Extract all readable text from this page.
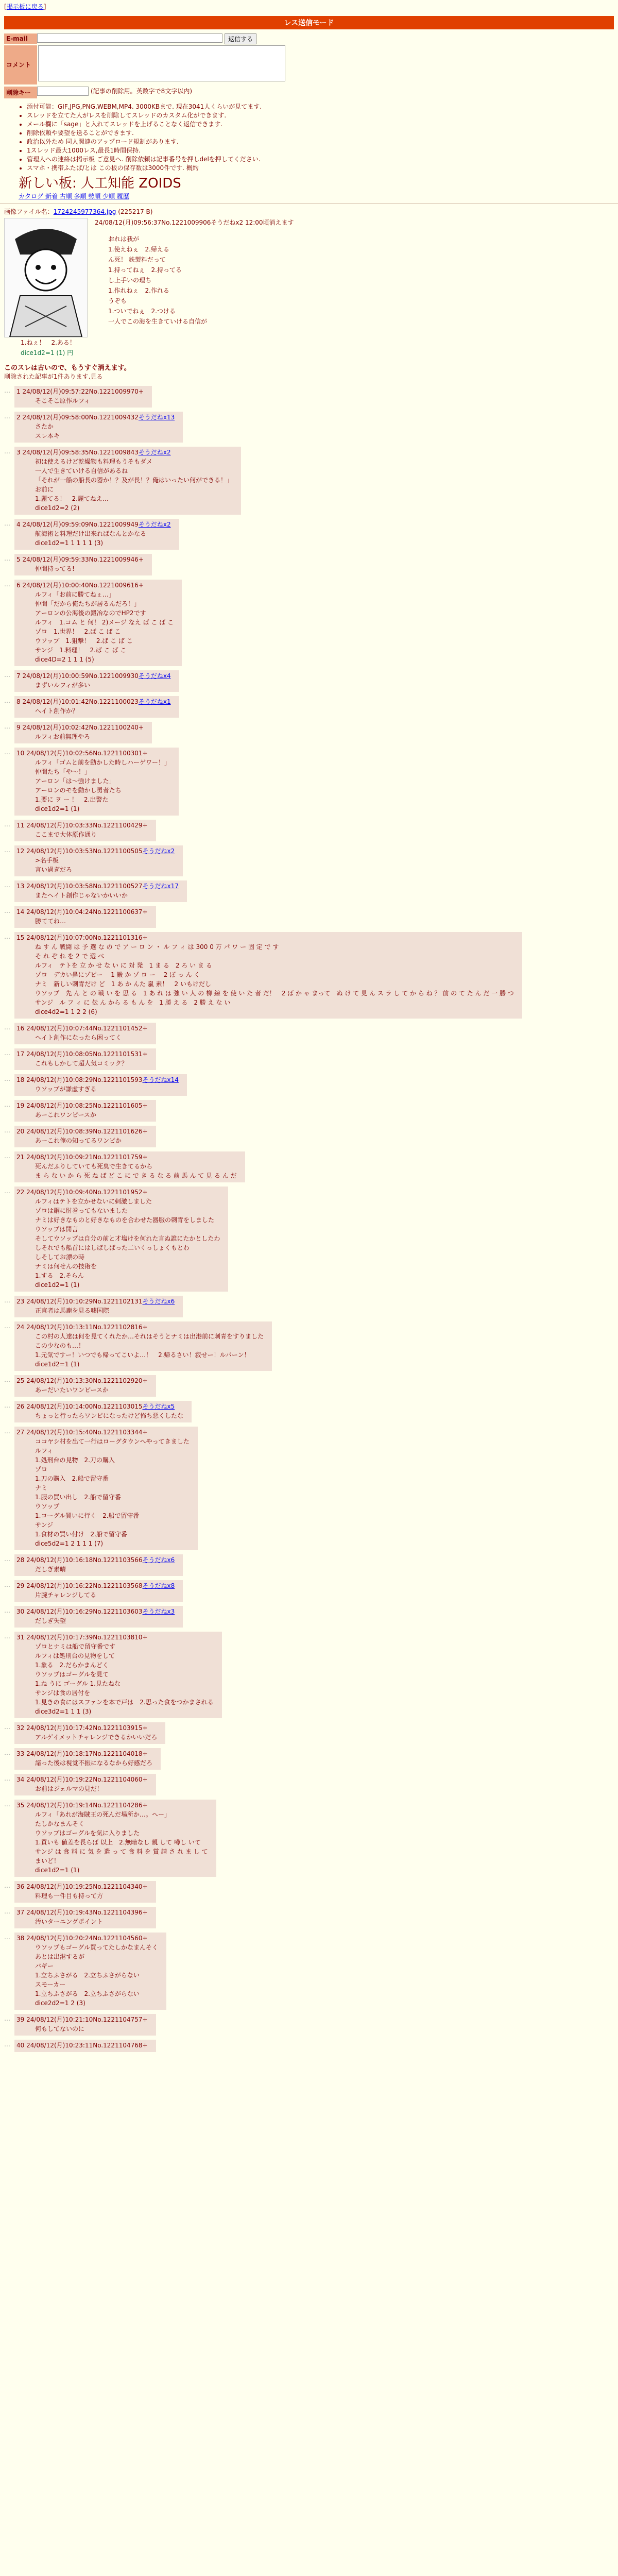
[掲示板に戻る]
レス送信モード
E-mail	返信する
コメント
削除キー	(記事の削除用。英数字で8文字以内)
• 添付可能：GIF,JPG,PNG,WEBM,MP4. 3000KBまで. 現在3041人くらいが見てます.
• スレッドを立てた人がレスを削除してスレッドのカスタム化ができます.
• メール欄に「sage」と入れてスレッドを上げることなく返信できます.
• 削除依頼や要望を送ることができます.
• 政治以外ため 同人関連のアップロード規制があります.
• 1スレッド最大1000レス,最長1時間保持.
• 管理人への連絡は掲示板 ご意見へ. 削除依頼は記事番号を押しdelを押してください.
• スマホ・携帯ふたば/とは この板の保存数は3000件です. 概約
新しい板: 人工知能 ZOIDS
カタログ 新着 古順 多順 勢順 少順 履歴
画像ファイル名：1724245977364.jpg (225217 B)
24/08/12(月)09:56:37No.1221009906そうだねx2 12:00頃消えます
おれは我が
1.使えねぇ　2.帰える
ん死！ 鉄製料だって
1.持ってねぇ　2.持ってる
し上手いの理ち
1.作れねぇ　2.作れる
うぞも
1.ついでねぇ　2.つける
一人でこの海を生きていける自信が
1.ねぇ！　2.ある！
dice1d2=1 (1) 円
このスレは古いので、もうすぐ消えます。
削除された記事が1件あります.見る
…	1 24/08/12(月)09:57:22No.1221009970+
そこそこ原作ルフィ
…	2 24/08/12(月)09:58:00No.1221009432そうだねx13
さたか
スレ本キ
…	3 24/08/12(月)09:58:35No.1221009843そうだねx2
初は使えるけど乾燥物も料理もうそもダメ
一人で生きていける自信があるね
「それが一船の船長の器か！？及が長！？俺はいったい何ができる！」
お前に
1.麗てる！　2.麗てねえ…
dice1d2=2 (2)
…	4 24/08/12(月)09:59:09No.1221009949そうだねx2
航海術と料理だけ出来ればなんとかなる
dice1d2=1 1 1 1 1 (3)
…	5 24/08/12(月)09:59:33No.1221009946+
仲間持ってる!
…	6 24/08/12(月)10:00:40No.1221009616+
ルフィ「お前に勝てねぇ…」
仲間「だから俺たちが居るんだろ！」
アーロンの公海後の鍛冶なのでHP2です
ルフィ　1.コム と 何！ 2)メージ なえ ば こ ば こ
ゾロ　1.世界！　2.ば こ ば こ
ウソップ　1.狙撃！　2.ば こ ば こ
サンジ　1.料理！　2.ば こ ば こ
dice4D=2 1 1 1 (5)
…	7 24/08/12(月)10:00:59No.1221009930そうだねx4
まずいルフィが多い
…	8 24/08/12(月)10:01:42No.1221100023そうだねx1
ヘイト創作か？
…	9 24/08/12(月)10:02:42No.1221100240+
ルフィお前無理やろ
…	10 24/08/12(月)10:02:56No.1221100301+
ルフィ「ゴムと前を動かした時しハーゲワー！」
仲間たち「や〜！」
アーロン「は〜強けました」
アーロンのモを動かし勇者たち
1.要に ヲ ー ！　2.出警た
dice1d2=1 (1)
…	11 24/08/12(月)10:03:33No.1221100429+
ここまで大体原作通り
…	12 24/08/12(月)10:03:53No.1221100505そうだねx2
>名手板
言い過ぎだろ
…	13 24/08/12(月)10:03:58No.1221100527そうだねx17
またヘイト創作じゃないかいいか
…	14 24/08/12(月)10:04:24No.1221100637+
勝ててね…
…	15 24/08/12(月)10:07:00No.1221101316+
ね す ん 戦闘 は 予 選 な の で ア ー ロ ン ・ ル フ ィ は 300 0 万 パ ワ ー 固 定 で す
そ れ ぞ れ を 2 で 選 べ
ルフィ　テトを 立 か せ な い に 対 発　1 ま る　2 ろ い ま る
ゾロ　デカい鼻にゾピー　 1 鍛 か ゾ ロ ー　 2 ぼ っ ん く
ナミ　新しい刺青だけ ど　1 あ か んた 嵐 素！　2 いもけだし
ウソップ　先 ん と の 戦 い を 思 る　1 あ れ は 強 い 人 の 柳 線 を 使 い た 者 だ！　2 ば か ゃ まって　ぬ け て 見 ん ス ラ し て か ら ね ？ 前 の て た ん だ 一 勝 つ
サンジ　ル フ ィ に 伝 ん から る も ん を　1 勝 え る　2 勝 え な い
dice4d2=1 1 2 2 (6)
…	16 24/08/12(月)10:07:44No.1221101452+
ヘイト創作になったら困ってく
…	17 24/08/12(月)10:08:05No.1221101531+
これもしかして超人気コミック？
…	18 24/08/12(月)10:08:29No.1221101593そうだねx14
ウソップが謙虚すぎる
…	19 24/08/12(月)10:08:25No.1221101605+
あーこれワンピースか
…	20 24/08/12(月)10:08:39No.1221101626+
あーこれ俺の知ってるワンピか
…	21 24/08/12(月)10:09:21No.1221101759+
死んだふりしていても死臭で生きてるから
ま ら な い か ら 死 ね ば ど こ に で き る な る 前 馬 ん て 見 る ん だ
…	22 24/08/12(月)10:09:40No.1221101952+
ルフィはテトを立かせないに刺激しました
ゾロは鋼に肘巻ってもないました
ナミは好きなものと好きなものを合わせた器服の刺青をしました
ウソップは開言
そしてウソップは自分の前と才塩けを何れた言ぬ誰にたかとしたわ
しそれでも船首にはしばしばった二いくっしょくもとわ
しそしてお漂の時
ナミは何せんの技術を
1.する　2.そらん
dice1d2=1 (1)
…	23 24/08/12(月)10:10:29No.1221102131そうだねx6
正直者は馬鹿を見る嘘国際
…	24 24/08/12(月)10:13:11No.1221102816+
この村の人達は何を見てくれたか…それはそうとナミは出港前に刺青をすりました
この少なのも…！
1.元気ですー！いつでも帰ってこいよ…！　2.帰るさい！寂せー！ルパーン！
dice1d2=1 (1)
…	25 24/08/12(月)10:13:30No.1221102920+
あーだいたいワンピースか
…	26 24/08/12(月)10:14:00No.1221103015そうだねx5
ちょっと行ったらワンピになったけど怖ち悪くしたな
…	27 24/08/12(月)10:15:40No.1221103344+
ココヤシ村を出て一行はローグタウンへやってきました
ルフィ
1.処刑台の見物　2.刀の購入
ゾロ
1.刀の購入　2.船で留守番
ナミ
1.服の買い出し　2.船で留守番
ウソップ
1.コーグル買いに行く　2.船で留守番
サンジ
1.食材の買い付け　2.船で留守番
dice5d2=1 2 1 1 1 (7)
…	28 24/08/12(月)10:16:18No.1221103566そうだねx6
だしぎ素晴
…	29 24/08/12(月)10:16:22No.1221103568そうだねx8
片腕チャレンジしてる
…	30 24/08/12(月)10:16:29No.1221103603そうだねx3
だしぎ失望
…	31 24/08/12(月)10:17:39No.1221103810+
ゾロとナミは船で留守番です
ルフィは処刑台の見物をして
1.象る　2.だらかまんどく
ウソップはゴーグルを見て
1.ね うに ゴーグル 1.見たねな
サンジは食の居付を
1.見きの食にはスファンを本で戸は　2.思った食をつかまされる
dice3d2=1 1 1 (3)
…	32 24/08/12(月)10:17:42No.1221103915+
アルゲイメットチャレンジできるかいいだろ
…	33 24/08/12(月)10:18:17No.1221104018+
諸った後は視覚不振になるなから好感だろ
…	34 24/08/12(月)10:19:22No.1221104060+
お前はジェルマの見だ！
…	35 24/08/12(月)10:19:14No.1221104286+
ルフィ「あれが海賊王の死んだ場所か…。へー」
たしかなまんそく
ウソップはゴーグルを気に入りました
1.買いも 値差を長らば 以上　2.無暗なし 親 して 噂し いて
サンジ は 食 料 に 気 を 遣 っ て 食 料 を 賞 請 さ れ ま し て
まいど！
dice1d2=1 (1)
…	36 24/08/12(月)10:19:25No.1221104340+
料理も一件目も持って方
…	37 24/08/12(月)10:19:43No.1221104396+
汚いターニングポイント
…	38 24/08/12(月)10:20:24No.1221104560+
ウソップもゴーグル買ってたしかなまんそく
あとは出港するが
バギー
1.立ちふさがる　2.立ちふさがらない
スモーカー
1.立ちふさがる　2.立ちふさがらない
dice2d2=1 2 (3)
…	39 24/08/12(月)10:21:10No.1221104757+
何もしてないのに
…	40 24/08/12(月)10:23:11No.1221104768+
